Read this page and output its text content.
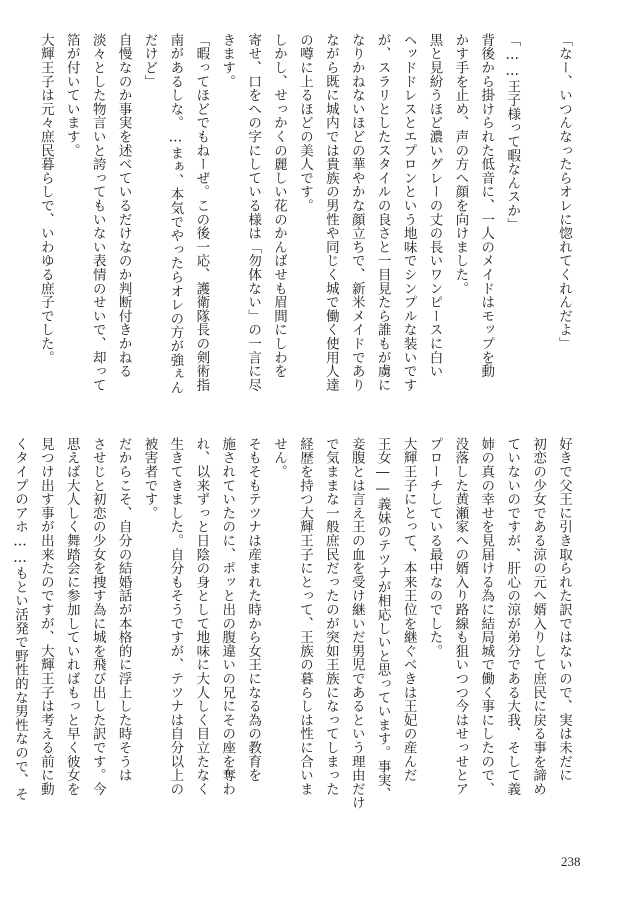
「なー、いつんなったらオレに惚れてくれんだよ」

「……王子様って暇なんスか」
背後から掛けられた低音に、一人のメイドはモップを動
かす手を止め、声の方へ顔を向けました。
黒と見紛うほど濃いグレーの丈の長いワンピースに白い
ヘッドドレスとエプロンという地味でシンプルな装いです
が、スラリとしたスタイルの良さと一目見たら誰もが虜に
なりかねないほどの華やかな顔立ちで、新米メイドであり
ながら既に城内では貴族の男性や同じく城で働く使用人達
の噂に上るほどの美人です。
しかし、せっかくの麗しい花のかんばせも眉間にしわを
寄せ、口をへの字にしている様は「勿体ない」の一言に尽
きます。
「暇ってほどでもねーぜ。この後一応、護衛隊長の剣術指
南があるしな。…まぁ、本気でやったらオレの方が強ぇん
だけど」
自慢なのか事実を述べているだけなのか判断付きかねる
淡々とした物言いと誇ってもいない表情のせいで、却って
箔が付いています。
大輝王子は元々庶民暮らしで、いわゆる庶子でした。
好きで父王に引き取られた訳ではないので、実は未だに
初恋の少女である涼の元へ婿入りして庶民に戻る事を諦め
ていないのですが、肝心の涼が弟分である大我、そして義
姉の真の幸せを見届ける為に結局城で働く事にしたので、
没落した黄瀬家への婿入り路線も狙いつつ今はせっせとア
プローチしている最中なのでした。
大輝王子にとって、本来王位を継ぐべきは王妃の産んだ
王女――義妹のテツナが相応しいと思っています。事実、
妾腹とは言え王の血を受け継いだ男児であるという理由だけ
で気ままな一般庶民だったのが突如王族になってしまった
経歴を持つ大輝王子にとって、王族の暮らしは性に合いま
せん。
そもそもテツナは産まれた時から女王になる為の教育を
施されていたのに、ポッと出の腹違いの兄にその座を奪わ
れ、以来ずっと日陰の身として地味に大人しく目立たなく
生きてきました。自分もそうですが、テツナは自分以上の
被害者です。
だからこそ、自分の結婚話が本格的に浮上した時そうは
させじと初恋の少女を捜す為に城を飛び出した訳です。今
思えば大人しく舞踏会に参加していればもっと早く彼女を
見つけ出す事が出来たのですが、大輝王子は考える前に動
くタイプのアホ……もとい活発で野性的な男性なので、そ
238
